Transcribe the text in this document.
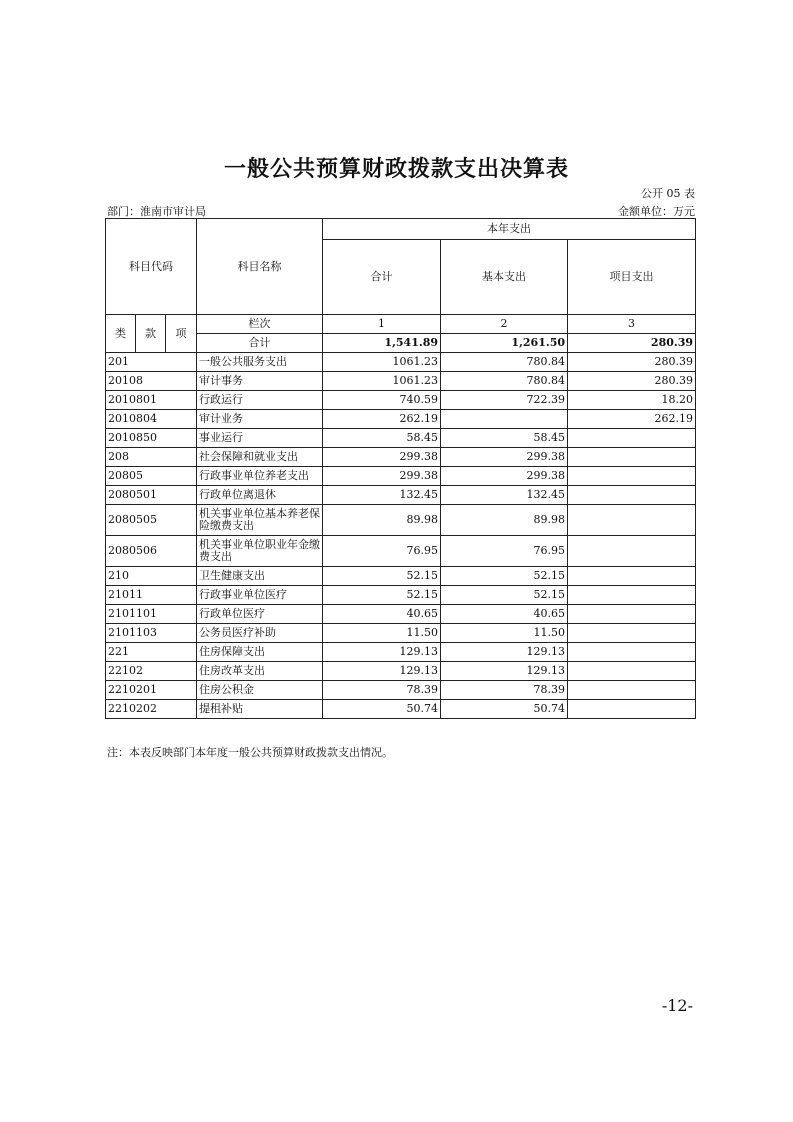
一般公共预算财政拨款支出决算表
公开 05 表
部门：淮南市审计局	金额单位：万元
科目代码			科目名称	本年支出		
				合计	基本支出	项目支出
类	款	项	栏次	1	2	3
			合计	1,541.89	1,261.50	280.39
201			一般公共服务支出	1061.23	780.84	280.39
20108			审计事务	1061.23	780.84	280.39
2010801			行政运行	740.59	722.39	18.20
2010804			审计业务	262.19		262.19
2010850			事业运行	58.45	58.45	
208			社会保障和就业支出	299.38	299.38	
20805			行政事业单位养老支出	299.38	299.38	
2080501			行政单位离退休	132.45	132.45	
2080505			机关事业单位基本养老保险缴费支出	89.98	89.98	
2080506			机关事业单位职业年金缴费支出	76.95	76.95	
210			卫生健康支出	52.15	52.15	
21011			行政事业单位医疗	52.15	52.15	
2101101			行政单位医疗	40.65	40.65	
2101103			公务员医疗补助	11.50	11.50	
221			住房保障支出	129.13	129.13	
22102			住房改革支出	129.13	129.13	
2210201			住房公积金	78.39	78.39	
2210202			提租补贴	50.74	50.74	
注：本表反映部门本年度一般公共预算财政拨款支出情况。
-12-
